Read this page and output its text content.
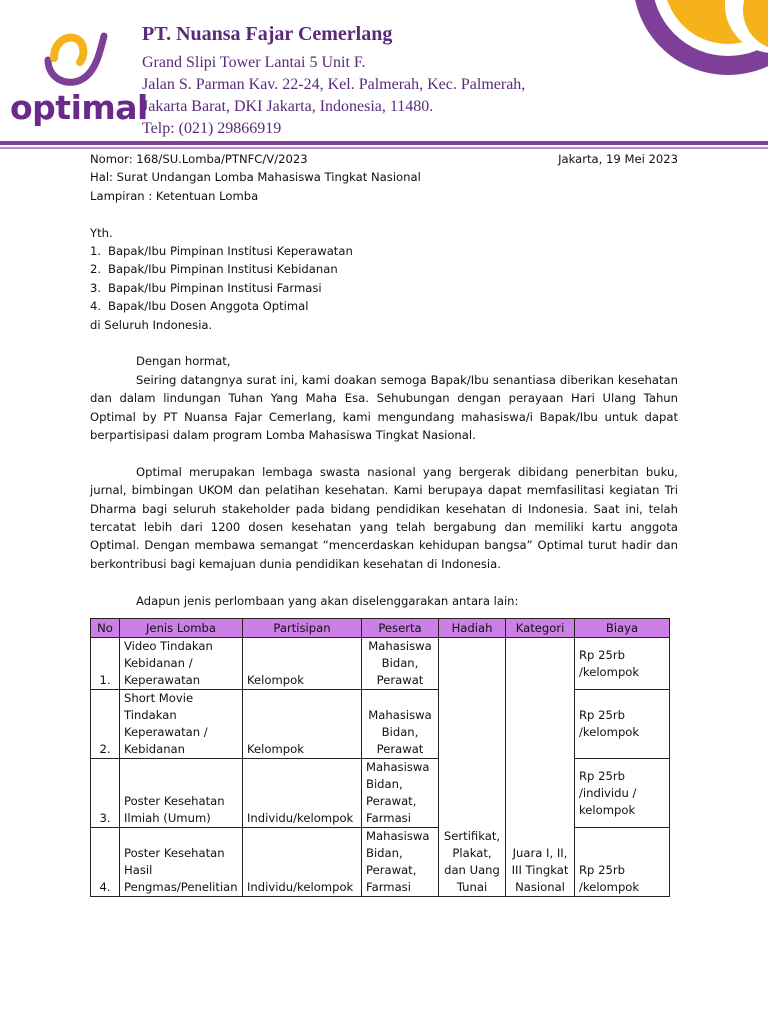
optimal

PT. Nuansa Fajar Cemerlang

Grand Slipi Tower Lantai 5 Unit F.

Jalan S. Parman Kav. 22-24, Kel. Palmerah, Kec. Palmerah,

Jakarta Barat, DKI Jakarta, Indonesia, 11480.

Telp: (021) 29866919

Nomor: 168/SU.Lomba/PTNFC/V/2023	Jakarta, 19 Mei 2023

Hal: Surat Undangan Lomba Mahasiswa Tingkat Nasional

Lampiran : Ketentuan Lomba

Yth.

1. Bapak/Ibu Pimpinan Institusi Keperawatan
2. Bapak/Ibu Pimpinan Institusi Kebidanan
3. Bapak/Ibu Pimpinan Institusi Farmasi
4. Bapak/Ibu Dosen Anggota Optimal

di Seluruh Indonesia.

Dengan hormat,

Seiring datangnya surat ini, kami doakan semoga Bapak/Ibu senantiasa diberikan kesehatan dan dalam lindungan Tuhan Yang Maha Esa. Sehubungan dengan perayaan Hari Ulang Tahun Optimal by PT Nuansa Fajar Cemerlang, kami mengundang mahasiswa/i Bapak/Ibu untuk dapat berpartisipasi dalam program Lomba Mahasiswa Tingkat Nasional.

Optimal merupakan lembaga swasta nasional yang bergerak dibidang penerbitan buku, jurnal, bimbingan UKOM dan pelatihan kesehatan. Kami berupaya dapat memfasilitasi kegiatan Tri Dharma bagi seluruh stakeholder pada bidang pendidikan kesehatan di Indonesia. Saat ini, telah tercatat lebih dari 1200 dosen kesehatan yang telah bergabung dan memiliki kartu anggota Optimal. Dengan membawa semangat “mencerdaskan kehidupan bangsa” Optimal turut hadir dan berkontribusi bagi kemajuan dunia pendidikan kesehatan di Indonesia.

Adapun jenis perlombaan yang akan diselenggarakan antara lain:

No	Jenis Lomba	Partisipan	Peserta	Hadiah	Kategori	Biaya
1.	Video Tindakan Kebidanan / Keperawatan	Kelompok	Mahasiswa Bidan, Perawat	Sertifikat, Plakat, dan Uang Tunai	Juara I, II, III Tingkat Nasional	Rp 25rb /kelompok
2.	Short Movie Tindakan Keperawatan / Kebidanan	Kelompok	Mahasiswa Bidan, Perawat			Rp 25rb /kelompok
3.	Poster Kesehatan Ilmiah (Umum)	Individu/kelompok	Mahasiswa Bidan, Perawat, Farmasi			Rp 25rb /individu / kelompok
4.	Poster Kesehatan Hasil Pengmas/Penelitian	Individu/kelompok	Mahasiswa Bidan, Perawat, Farmasi			Rp 25rb /kelompok
